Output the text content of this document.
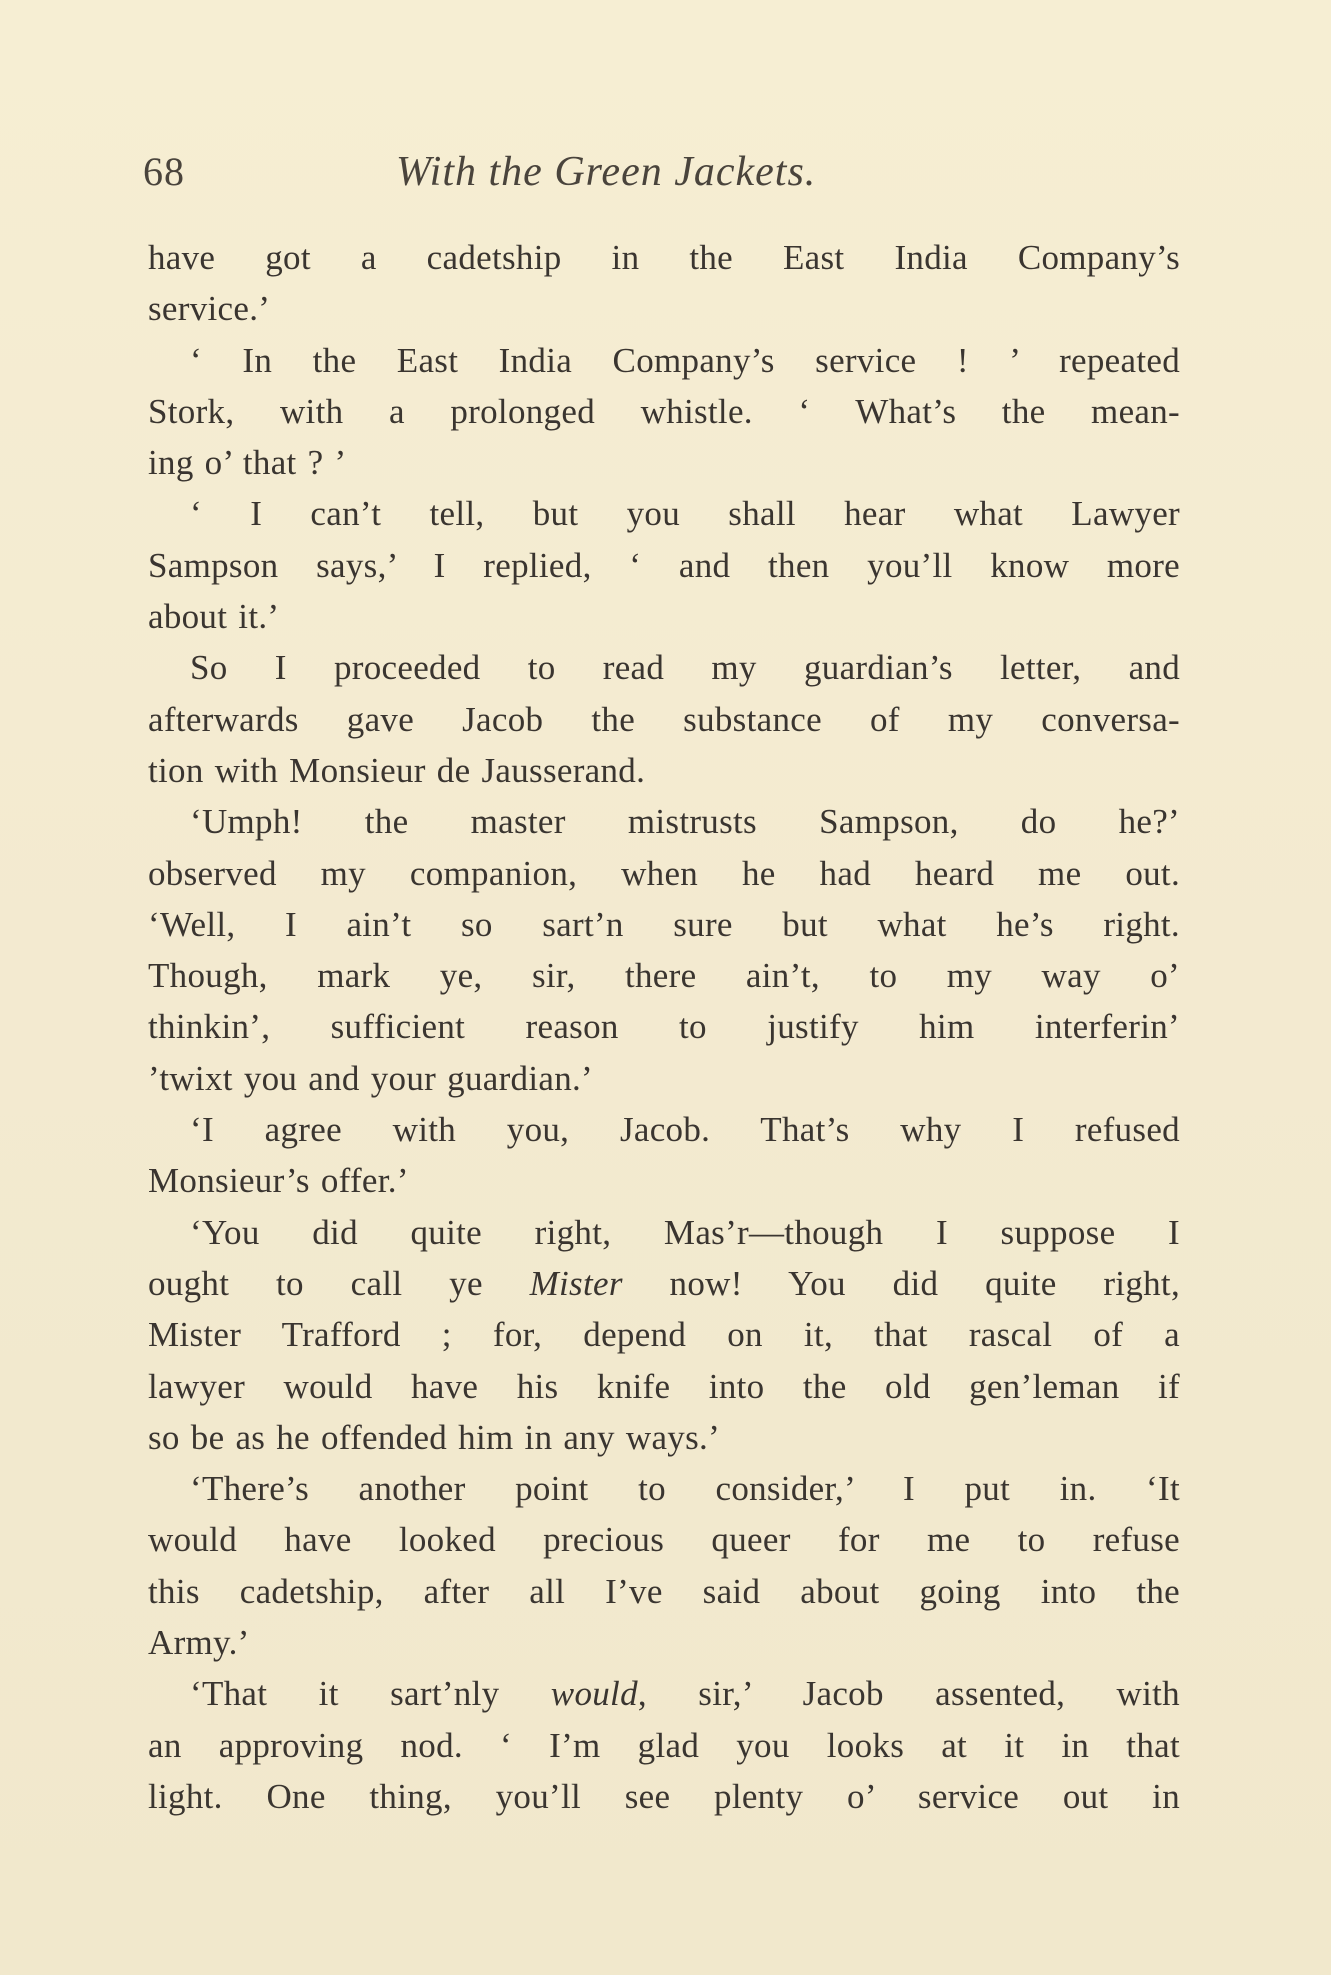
68	With the Green Jackets.
have got a cadetship in the East India Company’s
service.’
‘ In the East India Company’s service ! ’ repeated
Stork, with a prolonged whistle. ‘ What’s the mean-
ing o’ that ? ’
‘ I can’t tell, but you shall hear what Lawyer
Sampson says,’ I replied, ‘ and then you’ll know more
about it.’
So I proceeded to read my guardian’s letter, and
afterwards gave Jacob the substance of my conversa-
tion with Monsieur de Jausserand.
‘Umph! the master mistrusts Sampson, do he?’
observed my companion, when he had heard me out.
‘Well, I ain’t so sart’n sure but what he’s right.
Though, mark ye, sir, there ain’t, to my way o’
thinkin’, sufficient reason to justify him interferin’
’twixt you and your guardian.’
‘I agree with you, Jacob. That’s why I refused
Monsieur’s offer.’
‘You did quite right, Mas’r—though I suppose I
ought to call ye Mister now! You did quite right,
Mister Trafford ; for, depend on it, that rascal of a
lawyer would have his knife into the old gen’leman if
so be as he offended him in any ways.’
‘There’s another point to consider,’ I put in. ‘It
would have looked precious queer for me to refuse
this cadetship, after all I’ve said about going into the
Army.’
‘That it sart’nly would, sir,’ Jacob assented, with
an approving nod. ‘ I’m glad you looks at it in that
light. One thing, you’ll see plenty o’ service out in
